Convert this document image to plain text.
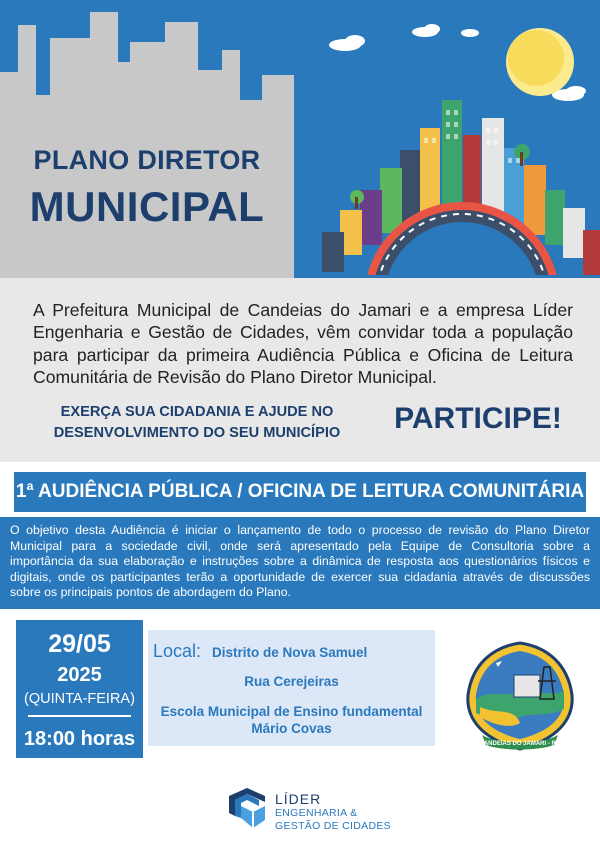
PLANO DIRETOR
MUNICIPAL
A Prefeitura Municipal de Candeias do Jamari e a empresa Líder
Engenharia e Gestão de Cidades, vêm convidar toda a população
para participar da primeira Audiência Pública e Oficina de Leitura
Comunitária de Revisão do Plano Diretor Municipal.
EXERÇA SUA CIDADANIA E AJUDE NO
DESENVOLVIMENTO DO SEU MUNICÍPIO	PARTICIPE!
1ª AUDIÊNCIA PÚBLICA / OFICINA DE LEITURA COMUNITÁRIA
O objetivo desta Audiência é iniciar o lançamento de todo o processo de revisão do Plano Diretor
Municipal para a sociedade civil, onde será apresentado pela Equipe de Consultoria sobre a
importância da sua elaboração e instruções sobre a dinâmica de resposta aos questionários físicos e
digitais, onde os participantes terão a oportunidade de exercer sua cidadania através de discussões
sobre os principais pontos de abordagem do Plano.
29/05
2025
(QUINTA-FEIRA)
18:00 horas
Local: Distrito de Nova Samuel
Rua Cerejeiras
Escola Municipal de Ensino fundamental
Mário Covas
CANDEIAS DO JAMARI - RO
LÍDER
ENGENHARIA &
GESTÃO DE CIDADES
